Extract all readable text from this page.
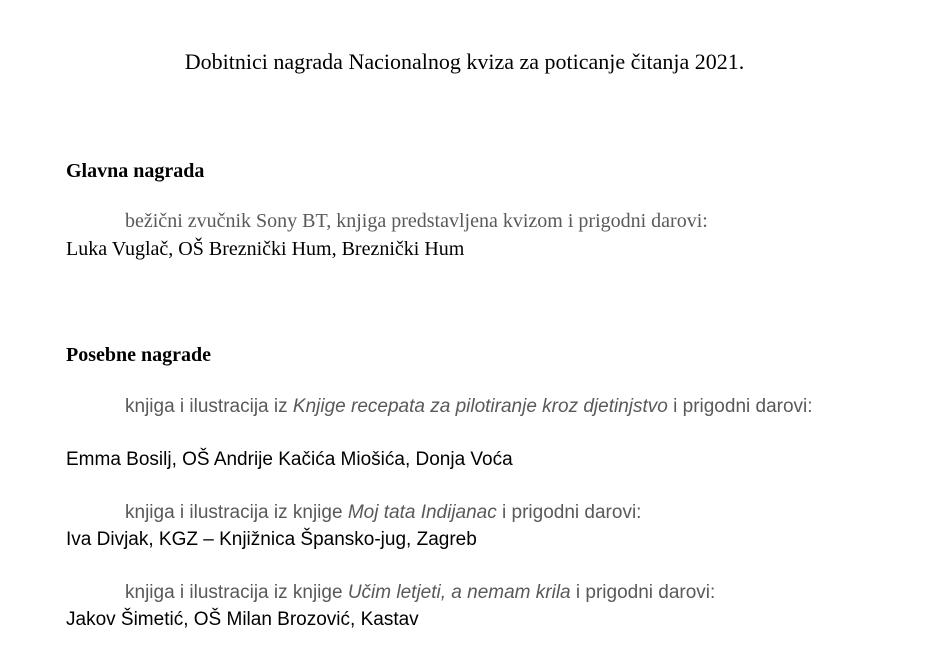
Dobitnici nagrada Nacionalnog kviza za poticanje čitanja 2021.
Glavna nagrada
bežični zvučnik Sony BT, knjiga predstavljena kvizom i prigodni darovi:
Luka Vuglač, OŠ Breznički Hum, Breznički Hum
Posebne nagrade
knjiga i ilustracija iz Knjige recepata za pilotiranje kroz djetinjstvo i prigodni darovi:
Emma Bosilj, OŠ Andrije Kačića Miošića, Donja Voća
knjiga i ilustracija iz knjige Moj tata Indijanac i prigodni darovi:
Iva Divjak, KGZ – Knjižnica Špansko-jug, Zagreb
knjiga i ilustracija iz knjige Učim letjeti, a nemam krila i prigodni darovi:
Jakov Šimetić, OŠ Milan Brozović, Kastav
